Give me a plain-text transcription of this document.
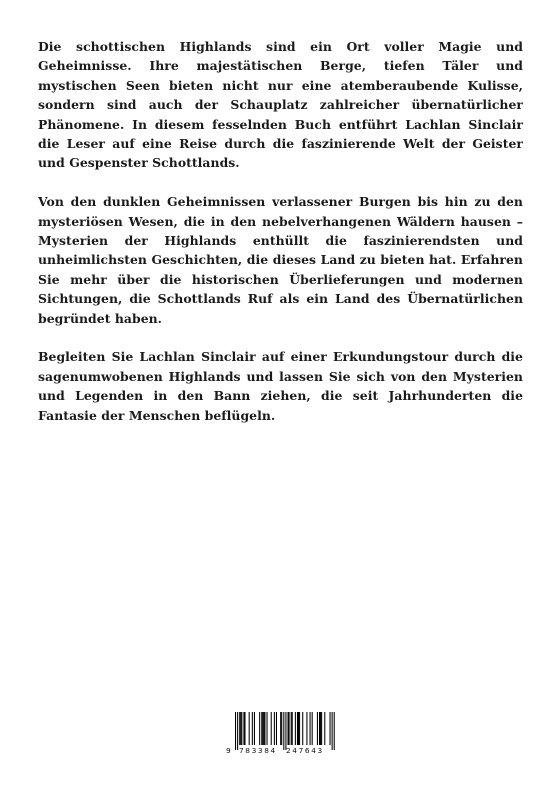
Die schottischen Highlands sind ein Ort voller Magie und Geheimnisse. Ihre majestätischen Berge, tiefen Täler und mystischen Seen bieten nicht nur eine atemberaubende Kulisse, sondern sind auch der Schauplatz zahlreicher übernatürlicher Phänomene. In diesem fesselnden Buch entführt Lachlan Sinclair die Leser auf eine Reise durch die faszinierende Welt der Geister und Gespenster Schottlands.

Von den dunklen Geheimnissen verlassener Burgen bis hin zu den mysteriösen Wesen, die in den nebelverhangenen Wäldern hausen – Mysterien der Highlands enthüllt die faszinierendsten und unheimlichsten Geschichten, die dieses Land zu bieten hat. Erfahren Sie mehr über die historischen Überlieferungen und modernen Sichtungen, die Schottlands Ruf als ein Land des Übernatürlichen begründet haben.

Begleiten Sie Lachlan Sinclair auf einer Erkundungstour durch die sagenumwobenen Highlands und lassen Sie sich von den Mysterien und Legenden in den Bann ziehen, die seit Jahrhunderten die Fantasie der Menschen beflügeln.

9 783384 247643
